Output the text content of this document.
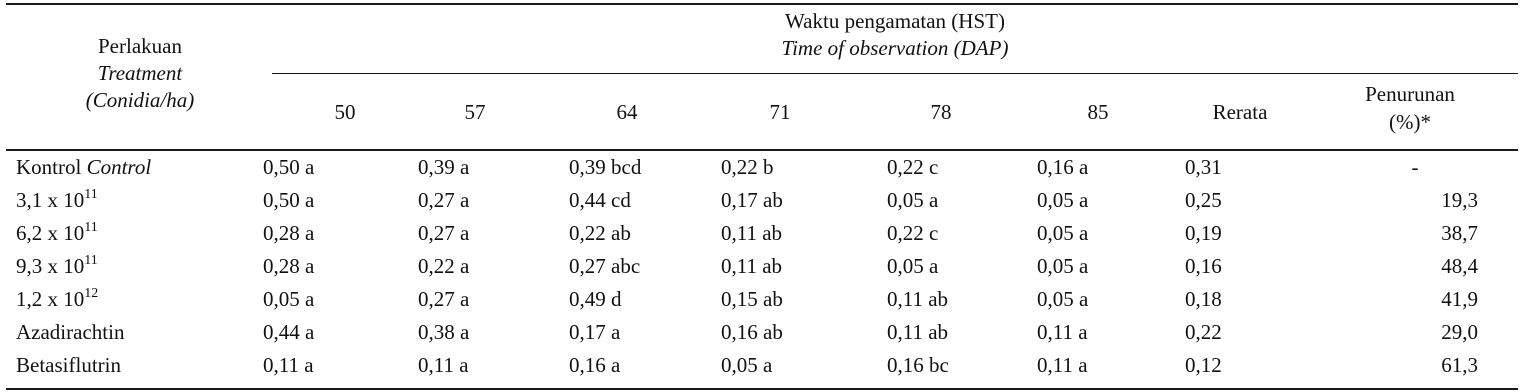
Perlakuan
Treatment
(Conidia/ha)
Waktu pengamatan (HST)
Time of observation (DAP)
50	57	64	71	78	85	Rerata
Penurunan
(%)*
Kontrol Control	0,50 a	0,39 a	0,39 bcd	0,22 b	0,22 c	0,16 a	0,31	-
3,1 x $10^{11}$	0,50 a	0,27 a	0,44 cd	0,17 ab	0,05 a	0,05 a	0,25	19,3
6,2 x $10^{11}$	0,28 a	0,27 a	0,22 ab	0,11 ab	0,22 c	0,05 a	0,19	38,7
9,3 x $10^{11}$	0,28 a	0,22 a	0,27 abc	0,11 ab	0,05 a	0,05 a	0,16	48,4
1,2 x $10^{12}$	0,05 a	0,27 a	0,49 d	0,15 ab	0,11 ab	0,05 a	0,18	41,9
Azadirachtin	0,44 a	0,38 a	0,17 a	0,16 ab	0,11 ab	0,11 a	0,22	29,0
Betasiflutrin	0,11 a	0,11 a	0,16 a	0,05 a	0,16 bc	0,11 a	0,12	61,3
